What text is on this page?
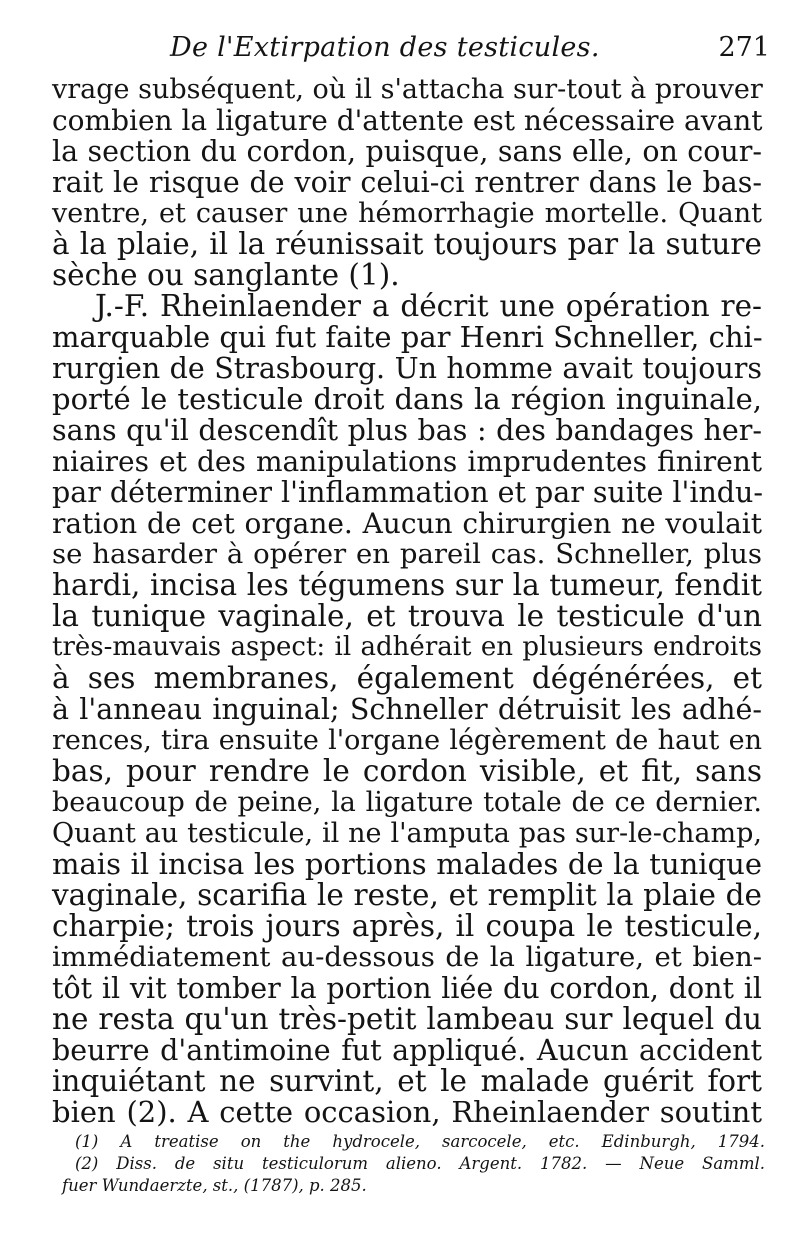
De l'Extirpation des testicules.	271
vrage subséquent, où il s'attacha sur-tout à prouver
combien la ligature d'attente est nécessaire avant
la section du cordon, puisque, sans elle, on cour-
rait le risque de voir celui-ci rentrer dans le bas-
ventre, et causer une hémorrhagie mortelle. Quant
à la plaie, il la réunissait toujours par la suture
sèche ou sanglante (1).
J.-F. Rheinlaender a décrit une opération re-
marquable qui fut faite par Henri Schneller, chi-
rurgien de Strasbourg. Un homme avait toujours
porté le testicule droit dans la région inguinale,
sans qu'il descendît plus bas : des bandages her-
niaires et des manipulations imprudentes finirent
par déterminer l'inflammation et par suite l'indu-
ration de cet organe. Aucun chirurgien ne voulait
se hasarder à opérer en pareil cas. Schneller, plus
hardi, incisa les tégumens sur la tumeur, fendit
la tunique vaginale, et trouva le testicule d'un
très-mauvais aspect: il adhérait en plusieurs endroits
à ses membranes, également dégénérées, et
à l'anneau inguinal; Schneller détruisit les adhé-
rences, tira ensuite l'organe légèrement de haut en
bas, pour rendre le cordon visible, et fit, sans
beaucoup de peine, la ligature totale de ce dernier.
Quant au testicule, il ne l'amputa pas sur-le-champ,
mais il incisa les portions malades de la tunique
vaginale, scarifia le reste, et remplit la plaie de
charpie; trois jours après, il coupa le testicule,
immédiatement au-dessous de la ligature, et bien-
tôt il vit tomber la portion liée du cordon, dont il
ne resta qu'un très-petit lambeau sur lequel du
beurre d'antimoine fut appliqué. Aucun accident
inquiétant ne survint, et le malade guérit fort
bien (2). A cette occasion, Rheinlaender soutint
(1) A treatise on the hydrocele, sarcocele, etc. Edinburgh, 1794.
(2) Diss. de situ testiculorum alieno. Argent. 1782. — Neue Samml.
fuer Wundaerzte, st., (1787), p. 285.
